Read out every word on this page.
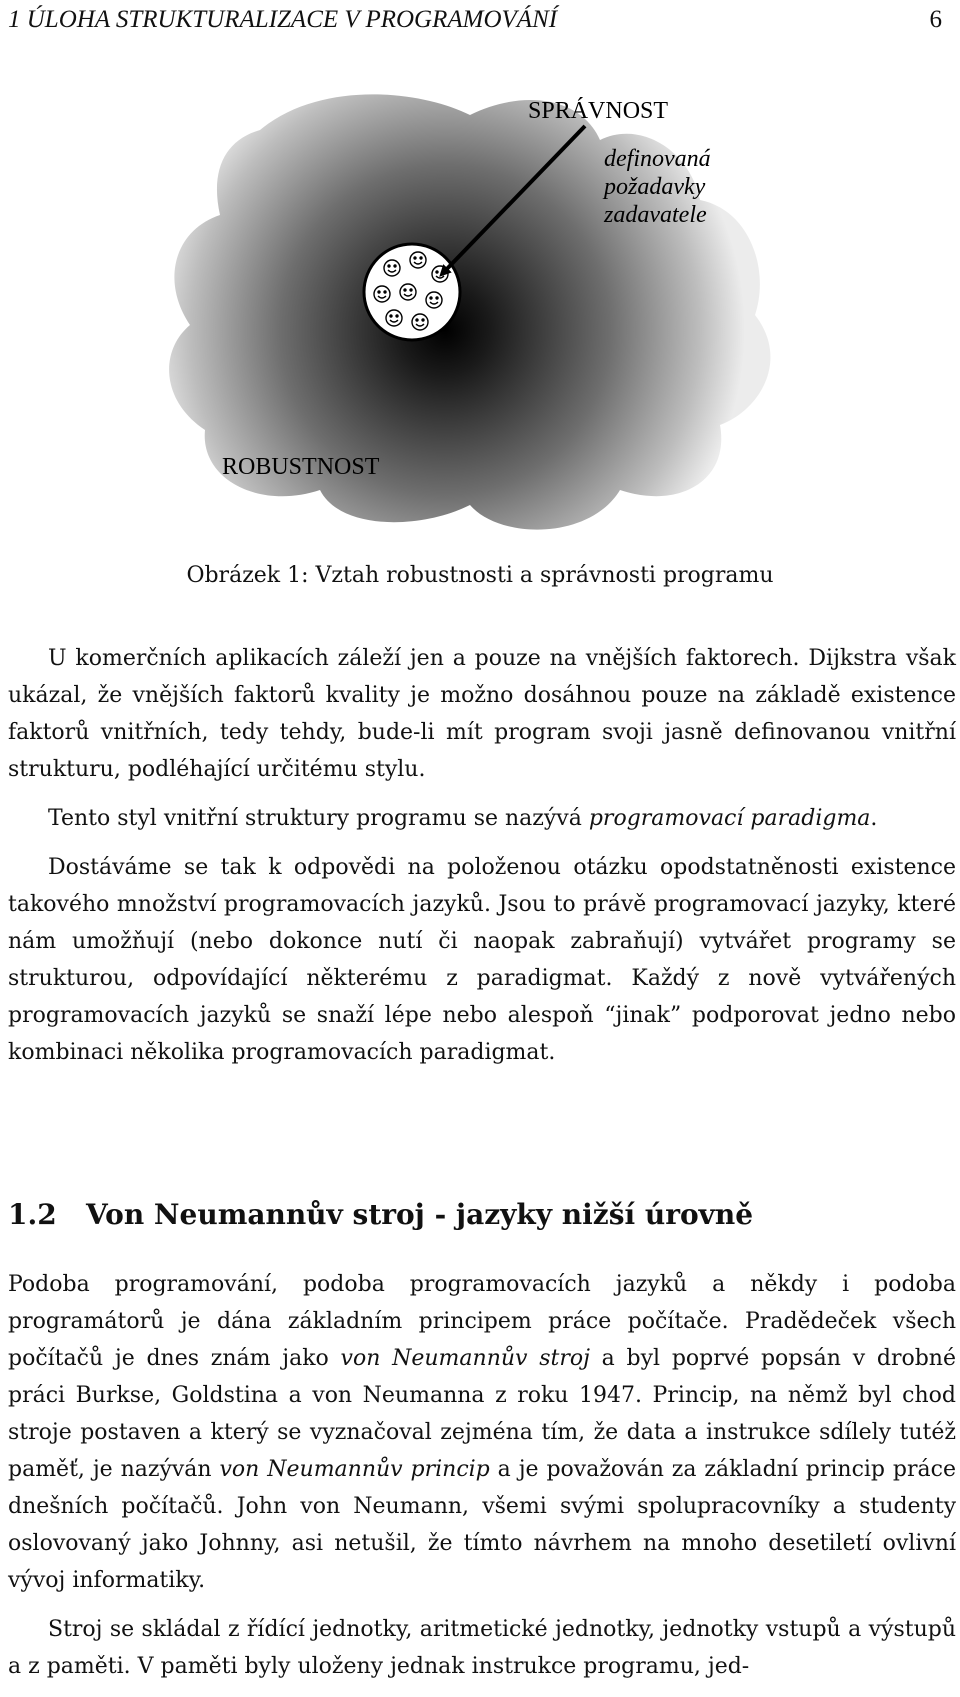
1 ÚLOHA STRUKTURALIZACE V PROGRAMOVÁNÍ	6
SPRÁVNOST
definovaná
požadavky
zadavatele
ROBUSTNOST
Obrázek 1: Vztah robustnosti a správnosti programu

U komerčních aplikacích záleží jen a pouze na vnějších faktorech. Dijkstra však ukázal, že vnějších faktorů kvality je možno dosáhnou pouze na základě existence faktorů vnitřních, tedy tehdy, bude-li mít program svoji jasně definovanou vnitřní strukturu, podléhající určitému stylu.

Tento styl vnitřní struktury programu se nazývá programovací paradigma.

Dostáváme se tak k odpovědi na položenou otázku opodstatněnosti existence takového množství programovacích jazyků. Jsou to právě programovací jazyky, které nám umožňují (nebo dokonce nutí či naopak zabraňují) vytvářet programy se strukturou, odpovídající některému z paradigmat. Každý z nově vytvářených programovacích jazyků se snaží lépe nebo alespoň “jinak” podporovat jedno nebo kombinaci několika programovacích paradigmat.

1.2 Von Neumannův stroj - jazyky nižší úrovně

Podoba programování, podoba programovacích jazyků a někdy i podoba programátorů je dána základním principem práce počítače. Pradědeček všech počítačů je dnes znám jako von Neumannův stroj a byl poprvé popsán v drobné práci Burkse, Goldstina a von Neumanna z roku 1947. Princip, na němž byl chod stroje postaven a který se vyznačoval zejména tím, že data a instrukce sdílely tutéž paměť, je nazýván von Neumannův princip a je považován za základní princip práce dnešních počítačů. John von Neumann, všemi svými spolupracovníky a studenty oslovovaný jako Johnny, asi netušil, že tímto návrhem na mnoho desetiletí ovlivní vývoj informatiky.

Stroj se skládal z řídící jednotky, aritmetické jednotky, jednotky vstupů a výstupů a z paměti. V paměti byly uloženy jednak instrukce programu, jed-
